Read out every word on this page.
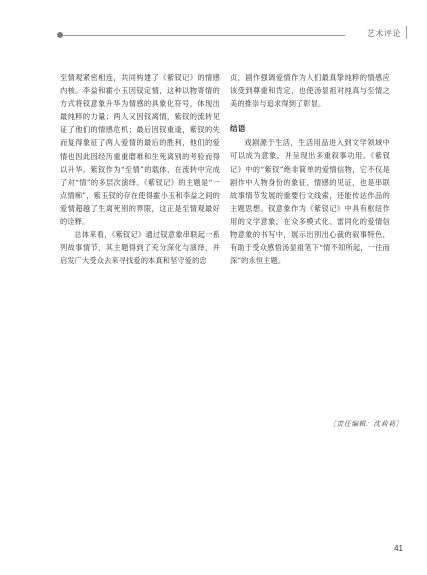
艺术评论

至情观紧密相连，共同构建了《紫钗记》的情感内核。李益和霍小玉因钗定情，这种以物寄情的方式将钗意象升华为情感的具象化符号，体现出最纯粹的力量；两人又因钗离情，紫钗的流转见证了他们的情感危机；最后因钗重逢，紫钗的失而复得象征了两人爱情的最后的胜利，他们的爱情也因此因经历重重磨难和生死离别的考验而得以升华。紫钗作为“至情”的载体，在流转中完成了对“情”的多层次演绎。《紫钗记》的主题是“一点情痴”，紫玉钗的存在使得霍小玉和李益之间的爱情超越了生离死别的界限，这正是至情观最好的诠释。

总体来看，《紫钗记》通过钗意象串联起一系列故事情节，其主题得到了充分深化与演绎，并启发广大受众去来寻找爱的本真和坚守爱的忠

贞，剧作强调爱情作为人们最真挚纯粹的情感应该受到尊重和肯定，也使汤显祖对纯真与至情之美的推崇与追求得到了彰显。

结语

戏剧源于生活，生活用品进入到文学领域中可以成为意象，并呈现出多重叙事功用。《紫钗记》中的“紫钗”绝非简单的爱情信物，它不仅是剧作中人物身份的象征、情感的见证，也是串联故事情节发展的重要行文线索，还能传达作品的主题思想。钗意象作为《紫钗记》中具有枢纽作用的文学意象，在众多模式化、雷同化的爱情信物意象的书写中，展示出别出心裁的叙事特色，有助于受众感悟汤显祖笔下“情不知所起，一往而深”的永恒主题。

［责任编辑：沈莉莉］
41
